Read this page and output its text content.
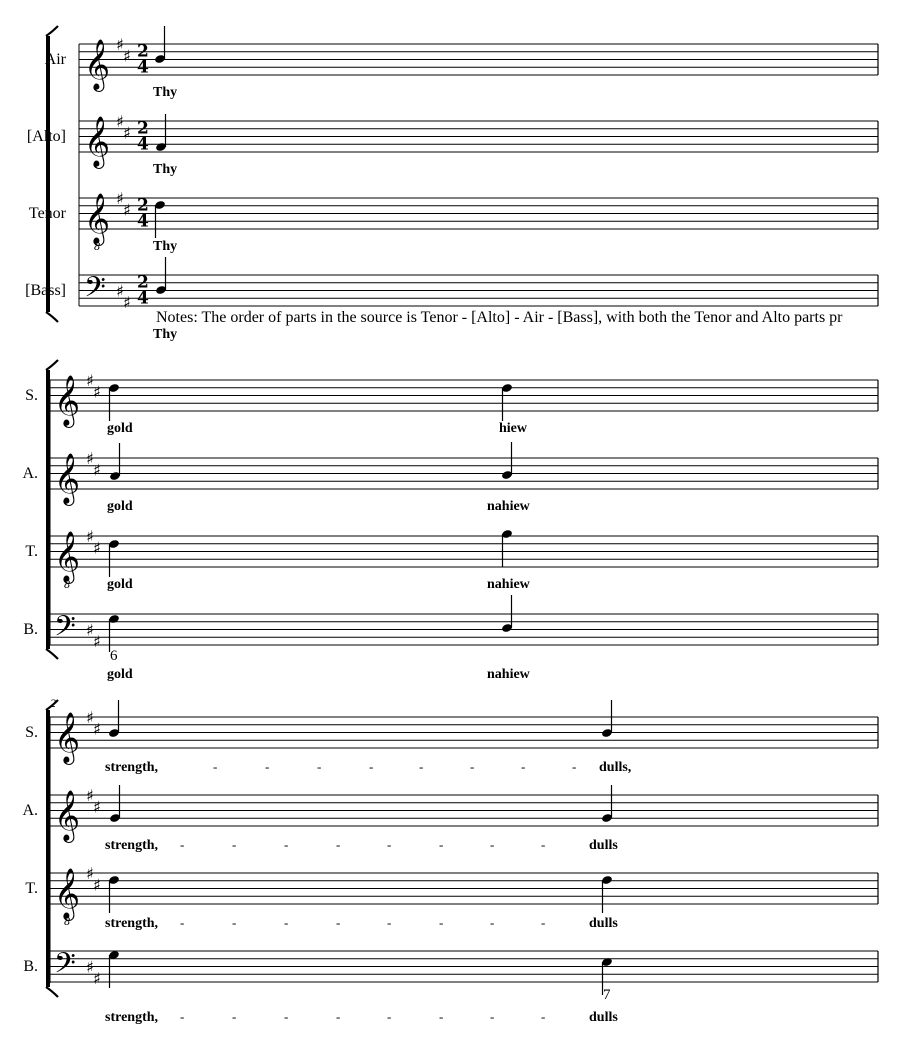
𝄞 ♯
♯ 2
4
Air
Thy
𝄞 ♯
♯ 2
4
[Alto]
Thy
𝄞
8
♯
♯ 2
4
Tenor
Thy
𝄢 ♯
♯
2
4
[Bass]
Thy
Notes: The order of parts in the source is Tenor - [Alto] - Air - [Bass], with both the Tenor and Alto parts pr
𝄞 ♯
♯
S.
gold	hiew
𝄞 ♯
♯
A.
gold	nahiew
𝄞
8
♯
♯
T.
gold	nahiew
𝄢 ♯
♯
B.
gold	nahiew
6
2
𝄞 ♯
♯
S.
strength,	dulls,
-	-	-	-	-	-	-	-
𝄞 ♯
♯
A.
strength,	dulls
-	-	-	-	-	-	-	-
𝄞
8
♯
♯
T.
strength,	dulls
-	-	-	-	-	-	-	-
𝄢 ♯
♯
B.
strength,	dulls
-	-	-	-	-	-	-	-
7
